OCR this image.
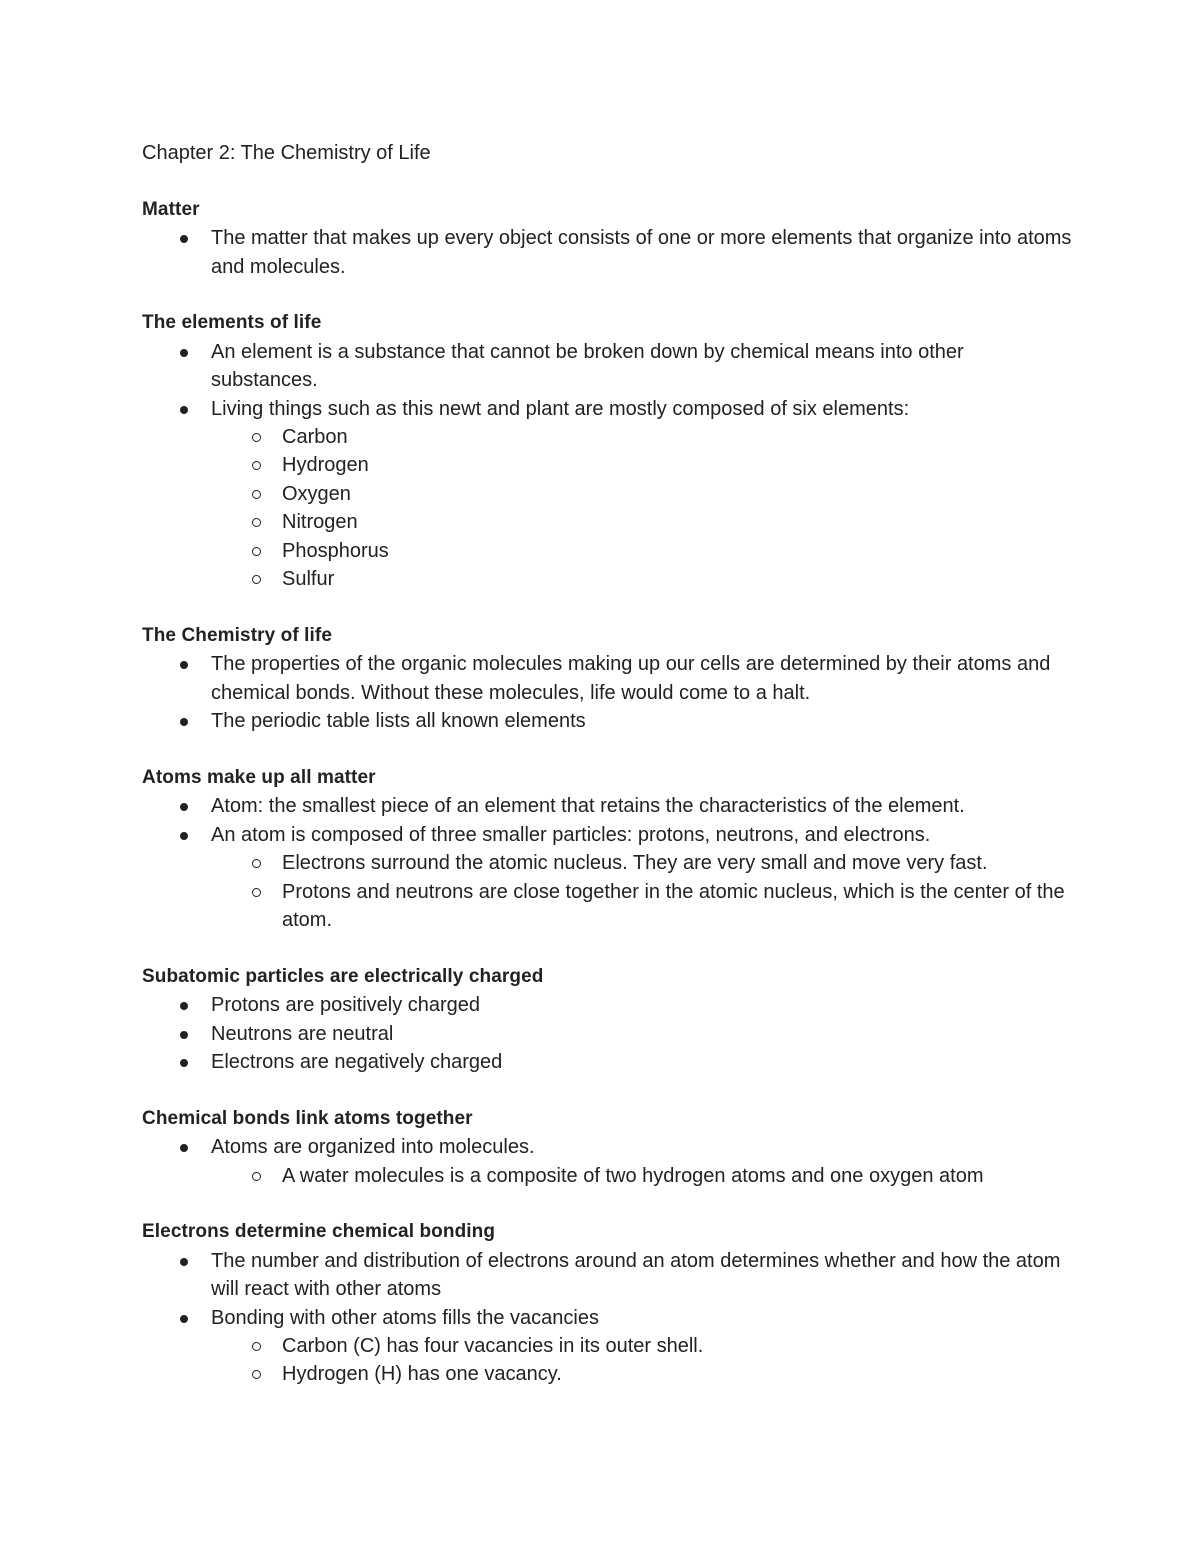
Chapter 2: The Chemistry of Life
Matter
The matter that makes up every object consists of one or more elements that organize into atoms and molecules.
The elements of life
An element is a substance that cannot be broken down by chemical means into other substances.
Living things such as this newt and plant are mostly composed of six elements:
Carbon
Hydrogen
Oxygen
Nitrogen
Phosphorus
Sulfur
The Chemistry of life
The properties of the organic molecules making up our cells are determined by their atoms and chemical bonds. Without these molecules, life would come to a halt.
The periodic table lists all known elements
Atoms make up all matter
Atom: the smallest piece of an element that retains the characteristics of the element.
An atom is composed of three smaller particles: protons, neutrons, and electrons.
Electrons surround the atomic nucleus. They are very small and move very fast.
Protons and neutrons are close together in the atomic nucleus, which is the center of the atom.
Subatomic particles are electrically charged
Protons are positively charged
Neutrons are neutral
Electrons are negatively charged
Chemical bonds link atoms together
Atoms are organized into molecules.
A water molecules is a composite of two hydrogen atoms and one oxygen atom
Electrons determine chemical bonding
The number and distribution of electrons around an atom determines whether and how the atom will react with other atoms
Bonding with other atoms fills the vacancies
Carbon (C) has four vacancies in its outer shell.
Hydrogen (H) has one vacancy.
